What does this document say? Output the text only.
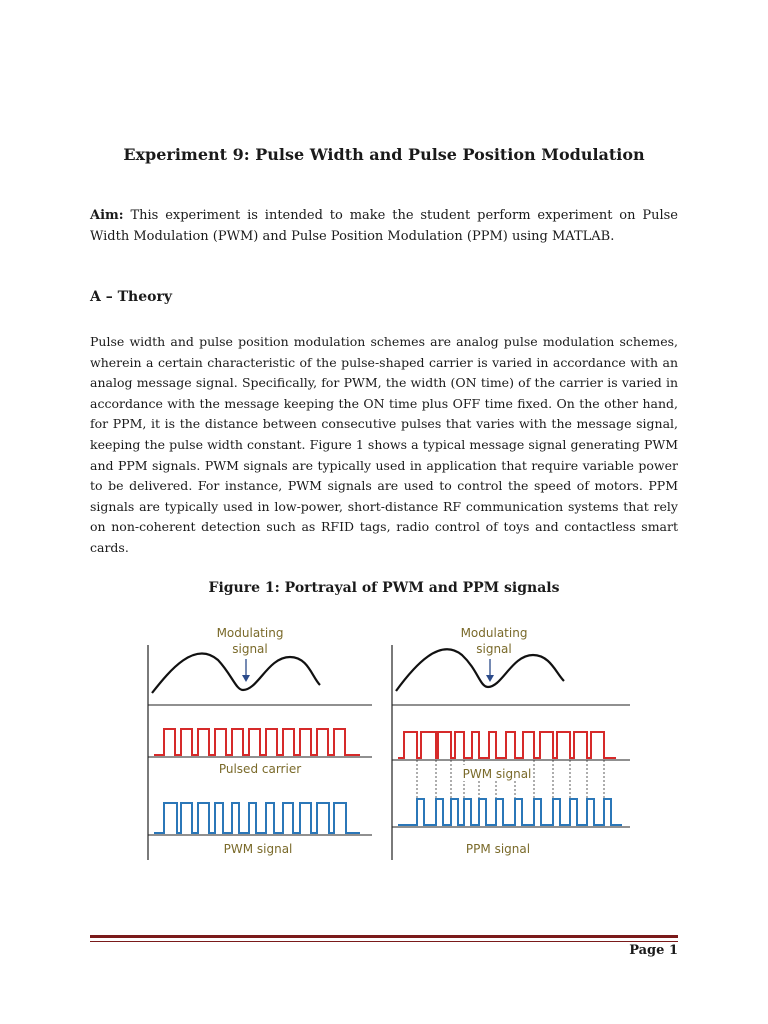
Experiment 9: Pulse Width and Pulse Position Modulation
Aim: This experiment is intended to make the student perform experiment on Pulse Width Modulation (PWM) and Pulse Position Modulation (PPM) using MATLAB.
A – Theory
Pulse width and pulse position modulation schemes are analog pulse modulation schemes, wherein a certain characteristic of the pulse-shaped carrier is varied in accordance with an analog message signal. Specifically, for PWM, the width (ON time) of the carrier is varied in accordance with the message keeping the ON time plus OFF time fixed. On the other hand, for PPM, it is the distance between consecutive pulses that varies with the message signal, keeping the pulse width constant. Figure 1 shows a typical message signal generating PWM and PPM signals. PWM signals are typically used in application that require variable power to be delivered. For instance, PWM signals are used to control the speed of motors. PPM signals are typically used in low-power, short-distance RF communication systems that rely on non-coherent detection such as RFID tags, radio control of toys and contactless smart cards.
Figure 1: Portrayal of PWM and PPM signals
Modulating
signal
Pulsed carrier
PWM signal
Modulating
signal
PWM signal
PPM signal
Page 1
